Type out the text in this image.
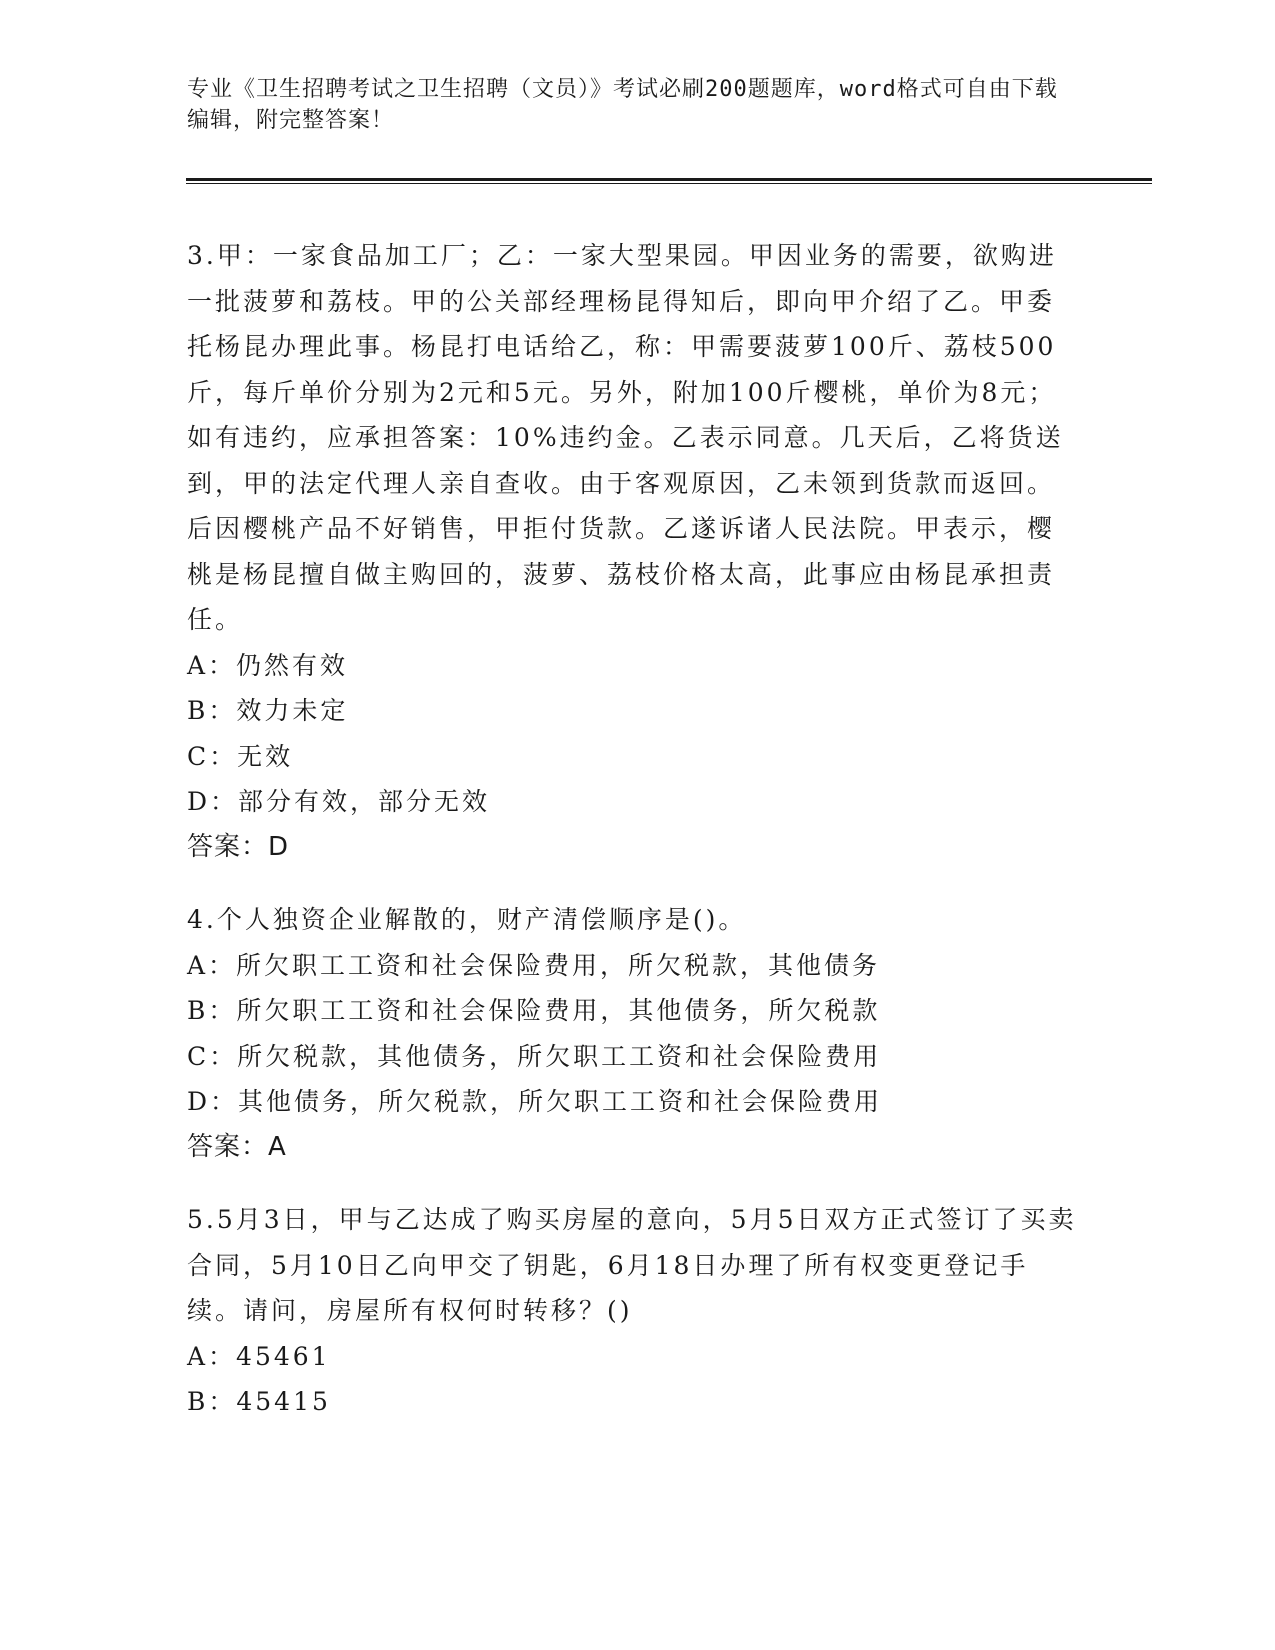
专业《卫生招聘考试之卫生招聘（文员）》考试必刷200题题库，word格式可自由下载编辑，附完整答案！

3.甲：一家食品加工厂；乙：一家大型果园。甲因业务的需要，欲购进一批菠萝和荔枝。甲的公关部经理杨昆得知后，即向甲介绍了乙。甲委托杨昆办理此事。杨昆打电话给乙，称：甲需要菠萝100斤、荔枝500斤，每斤单价分别为2元和5元。另外，附加100斤樱桃，单价为8元；如有违约，应承担答案：10%违约金。乙表示同意。几天后，乙将货送到，甲的法定代理人亲自查收。由于客观原因，乙未领到货款而返回。后因樱桃产品不好销售，甲拒付货款。乙遂诉诸人民法院。甲表示，樱桃是杨昆擅自做主购回的，菠萝、荔枝价格太高，此事应由杨昆承担责任。

A：仍然有效

B：效力未定

C：无效

D：部分有效，部分无效

答案：D

4.个人独资企业解散的，财产清偿顺序是()。

A：所欠职工工资和社会保险费用，所欠税款，其他债务

B：所欠职工工资和社会保险费用，其他债务，所欠税款

C：所欠税款，其他债务，所欠职工工资和社会保险费用

D：其他债务，所欠税款，所欠职工工资和社会保险费用

答案：A

5.5月3日，甲与乙达成了购买房屋的意向，5月5日双方正式签订了买卖合同，5月10日乙向甲交了钥匙，6月18日办理了所有权变更登记手续。请问，房屋所有权何时转移？()

A：45461

B：45415
